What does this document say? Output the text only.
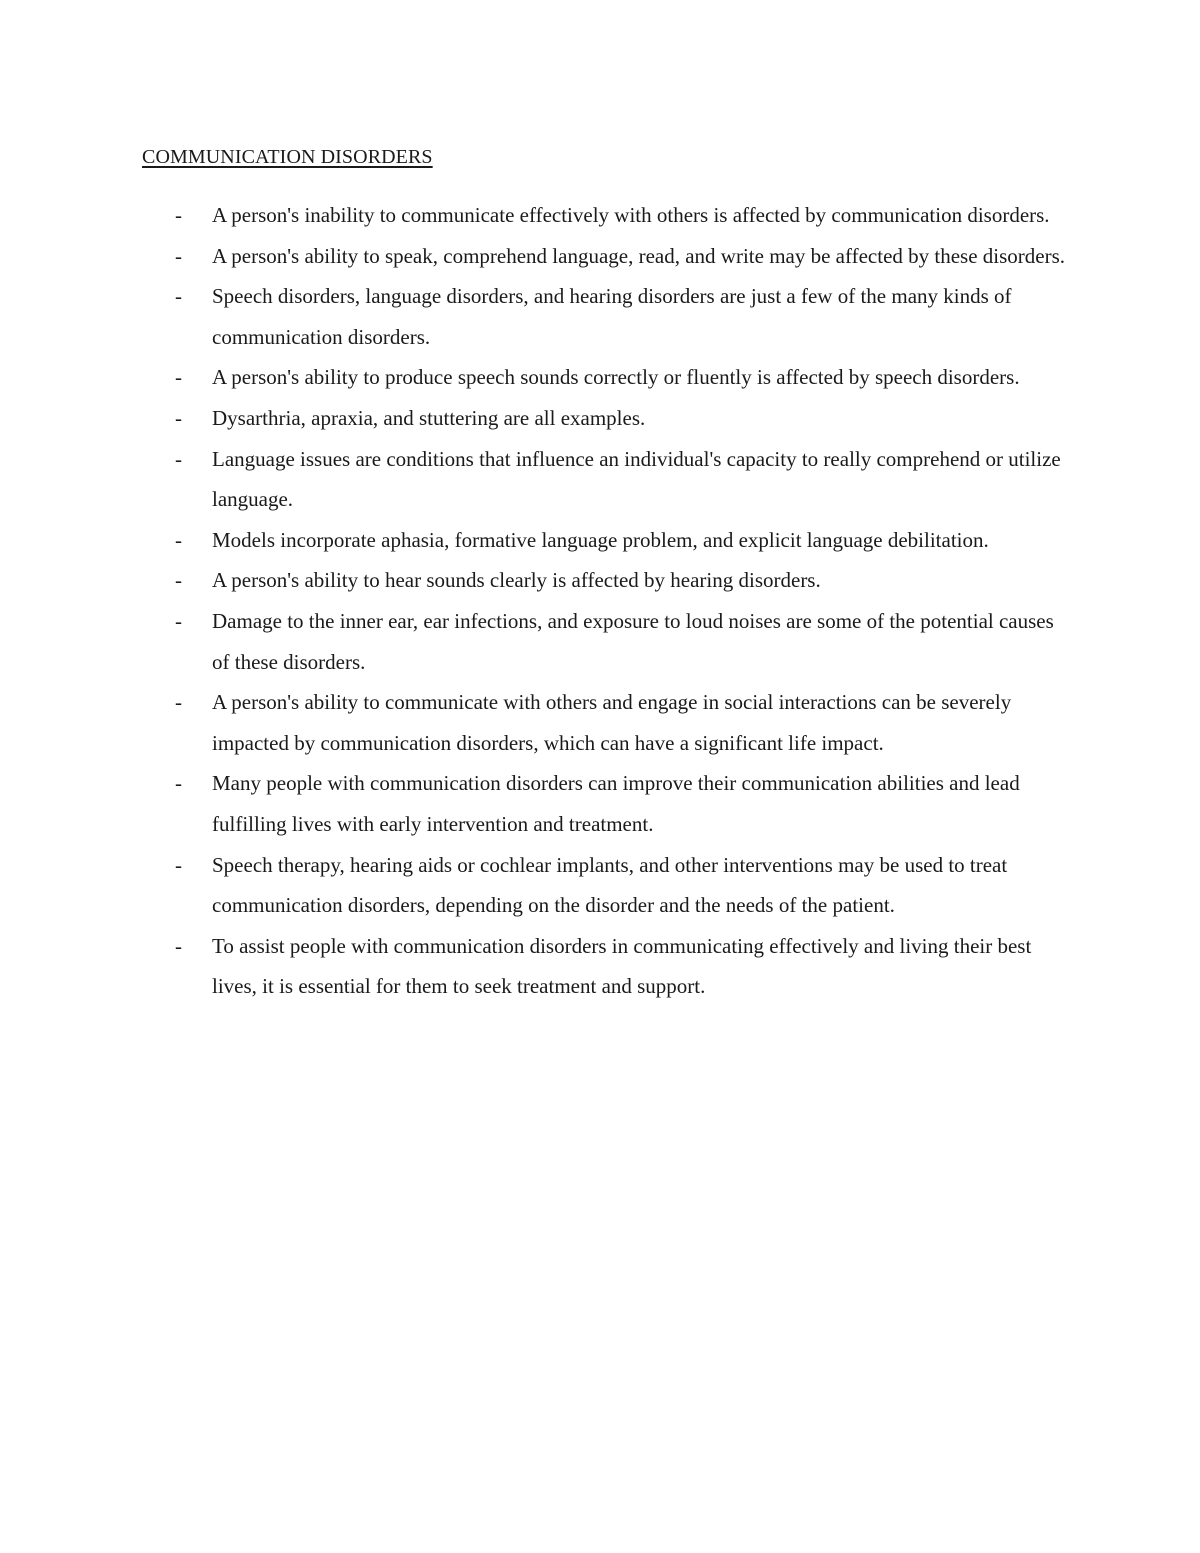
COMMUNICATION DISORDERS
- A person's inability to communicate effectively with others is affected by communication disorders.
- A person's ability to speak, comprehend language, read, and write may be affected by these disorders.
- Speech disorders, language disorders, and hearing disorders are just a few of the many kinds of communication disorders.
- A person's ability to produce speech sounds correctly or fluently is affected by speech disorders.
- Dysarthria, apraxia, and stuttering are all examples.
- Language issues are conditions that influence an individual's capacity to really comprehend or utilize language.
- Models incorporate aphasia, formative language problem, and explicit language debilitation.
- A person's ability to hear sounds clearly is affected by hearing disorders.
- Damage to the inner ear, ear infections, and exposure to loud noises are some of the potential causes of these disorders.
- A person's ability to communicate with others and engage in social interactions can be severely impacted by communication disorders, which can have a significant life impact.
- Many people with communication disorders can improve their communication abilities and lead fulfilling lives with early intervention and treatment.
- Speech therapy, hearing aids or cochlear implants, and other interventions may be used to treat communication disorders, depending on the disorder and the needs of the patient.
- To assist people with communication disorders in communicating effectively and living their best lives, it is essential for them to seek treatment and support.
